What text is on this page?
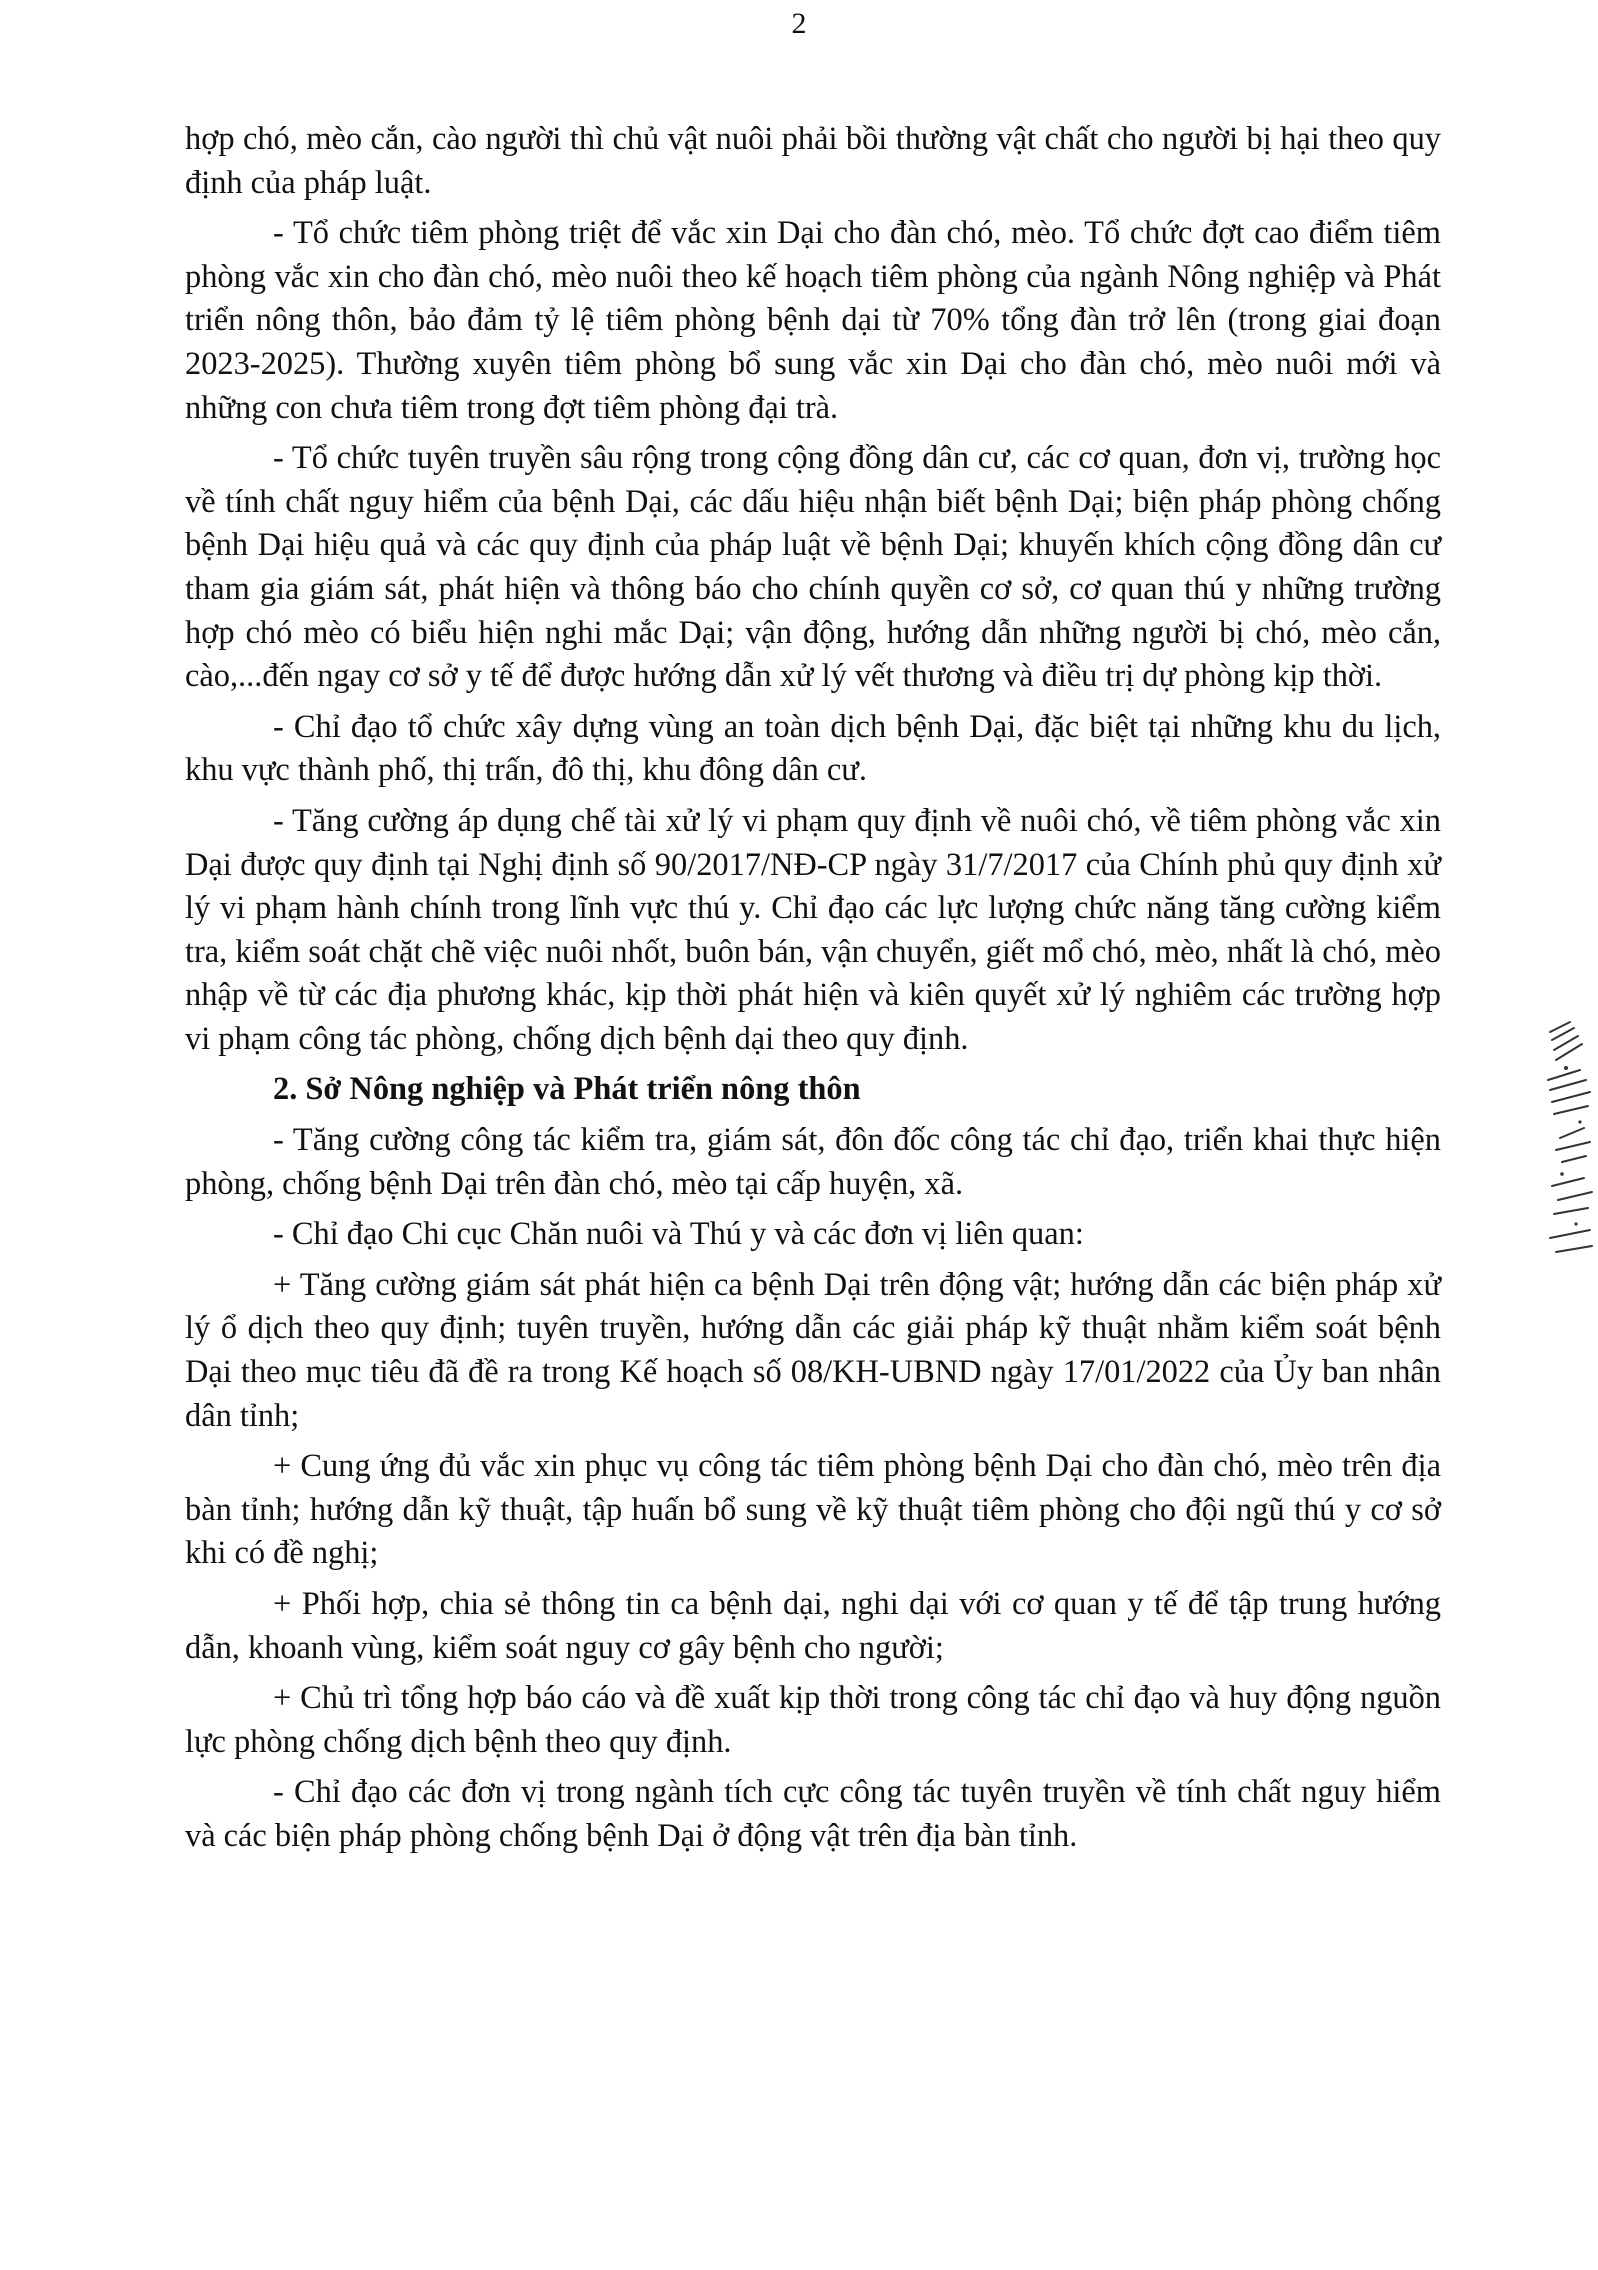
2

hợp chó, mèo cắn, cào người thì chủ vật nuôi phải bồi thường vật chất cho người bị hại theo quy định của pháp luật.

- Tổ chức tiêm phòng triệt để vắc xin Dại cho đàn chó, mèo. Tổ chức đợt cao điểm tiêm phòng vắc xin cho đàn chó, mèo nuôi theo kế hoạch tiêm phòng của ngành Nông nghiệp và Phát triển nông thôn, bảo đảm tỷ lệ tiêm phòng bệnh dại từ 70% tổng đàn trở lên (trong giai đoạn 2023-2025). Thường xuyên tiêm phòng bổ sung vắc xin Dại cho đàn chó, mèo nuôi mới và những con chưa tiêm trong đợt tiêm phòng đại trà.

- Tổ chức tuyên truyền sâu rộng trong cộng đồng dân cư, các cơ quan, đơn vị, trường học về tính chất nguy hiểm của bệnh Dại, các dấu hiệu nhận biết bệnh Dại; biện pháp phòng chống bệnh Dại hiệu quả và các quy định của pháp luật về bệnh Dại; khuyến khích cộng đồng dân cư tham gia giám sát, phát hiện và thông báo cho chính quyền cơ sở, cơ quan thú y những trường hợp chó mèo có biểu hiện nghi mắc Dại; vận động, hướng dẫn những người bị chó, mèo cắn, cào,...đến ngay cơ sở y tế để được hướng dẫn xử lý vết thương và điều trị dự phòng kịp thời.

- Chỉ đạo tổ chức xây dựng vùng an toàn dịch bệnh Dại, đặc biệt tại những khu du lịch, khu vực thành phố, thị trấn, đô thị, khu đông dân cư.

- Tăng cường áp dụng chế tài xử lý vi phạm quy định về nuôi chó, về tiêm phòng vắc xin Dại được quy định tại Nghị định số 90/2017/NĐ-CP ngày 31/7/2017 của Chính phủ quy định xử lý vi phạm hành chính trong lĩnh vực thú y. Chỉ đạo các lực lượng chức năng tăng cường kiểm tra, kiểm soát chặt chẽ việc nuôi nhốt, buôn bán, vận chuyển, giết mổ chó, mèo, nhất là chó, mèo nhập về từ các địa phương khác, kịp thời phát hiện và kiên quyết xử lý nghiêm các trường hợp vi phạm công tác phòng, chống dịch bệnh dại theo quy định.

2. Sở Nông nghiệp và Phát triển nông thôn

- Tăng cường công tác kiểm tra, giám sát, đôn đốc công tác chỉ đạo, triển khai thực hiện phòng, chống bệnh Dại trên đàn chó, mèo tại cấp huyện, xã.

- Chỉ đạo Chi cục Chăn nuôi và Thú y và các đơn vị liên quan:

+ Tăng cường giám sát phát hiện ca bệnh Dại trên động vật; hướng dẫn các biện pháp xử lý ổ dịch theo quy định; tuyên truyền, hướng dẫn các giải pháp kỹ thuật nhằm kiểm soát bệnh Dại theo mục tiêu đã đề ra trong Kế hoạch số 08/KH-UBND ngày 17/01/2022 của Ủy ban nhân dân tỉnh;

+ Cung ứng đủ vắc xin phục vụ công tác tiêm phòng bệnh Dại cho đàn chó, mèo trên địa bàn tỉnh; hướng dẫn kỹ thuật, tập huấn bổ sung về kỹ thuật tiêm phòng cho đội ngũ thú y cơ sở khi có đề nghị;

+ Phối hợp, chia sẻ thông tin ca bệnh dại, nghi dại với cơ quan y tế để tập trung hướng dẫn, khoanh vùng, kiểm soát nguy cơ gây bệnh cho người;

+ Chủ trì tổng hợp báo cáo và đề xuất kịp thời trong công tác chỉ đạo và huy động nguồn lực phòng chống dịch bệnh theo quy định.

- Chỉ đạo các đơn vị trong ngành tích cực công tác tuyên truyền về tính chất nguy hiểm và các biện pháp phòng chống bệnh Dại ở động vật trên địa bàn tỉnh.
